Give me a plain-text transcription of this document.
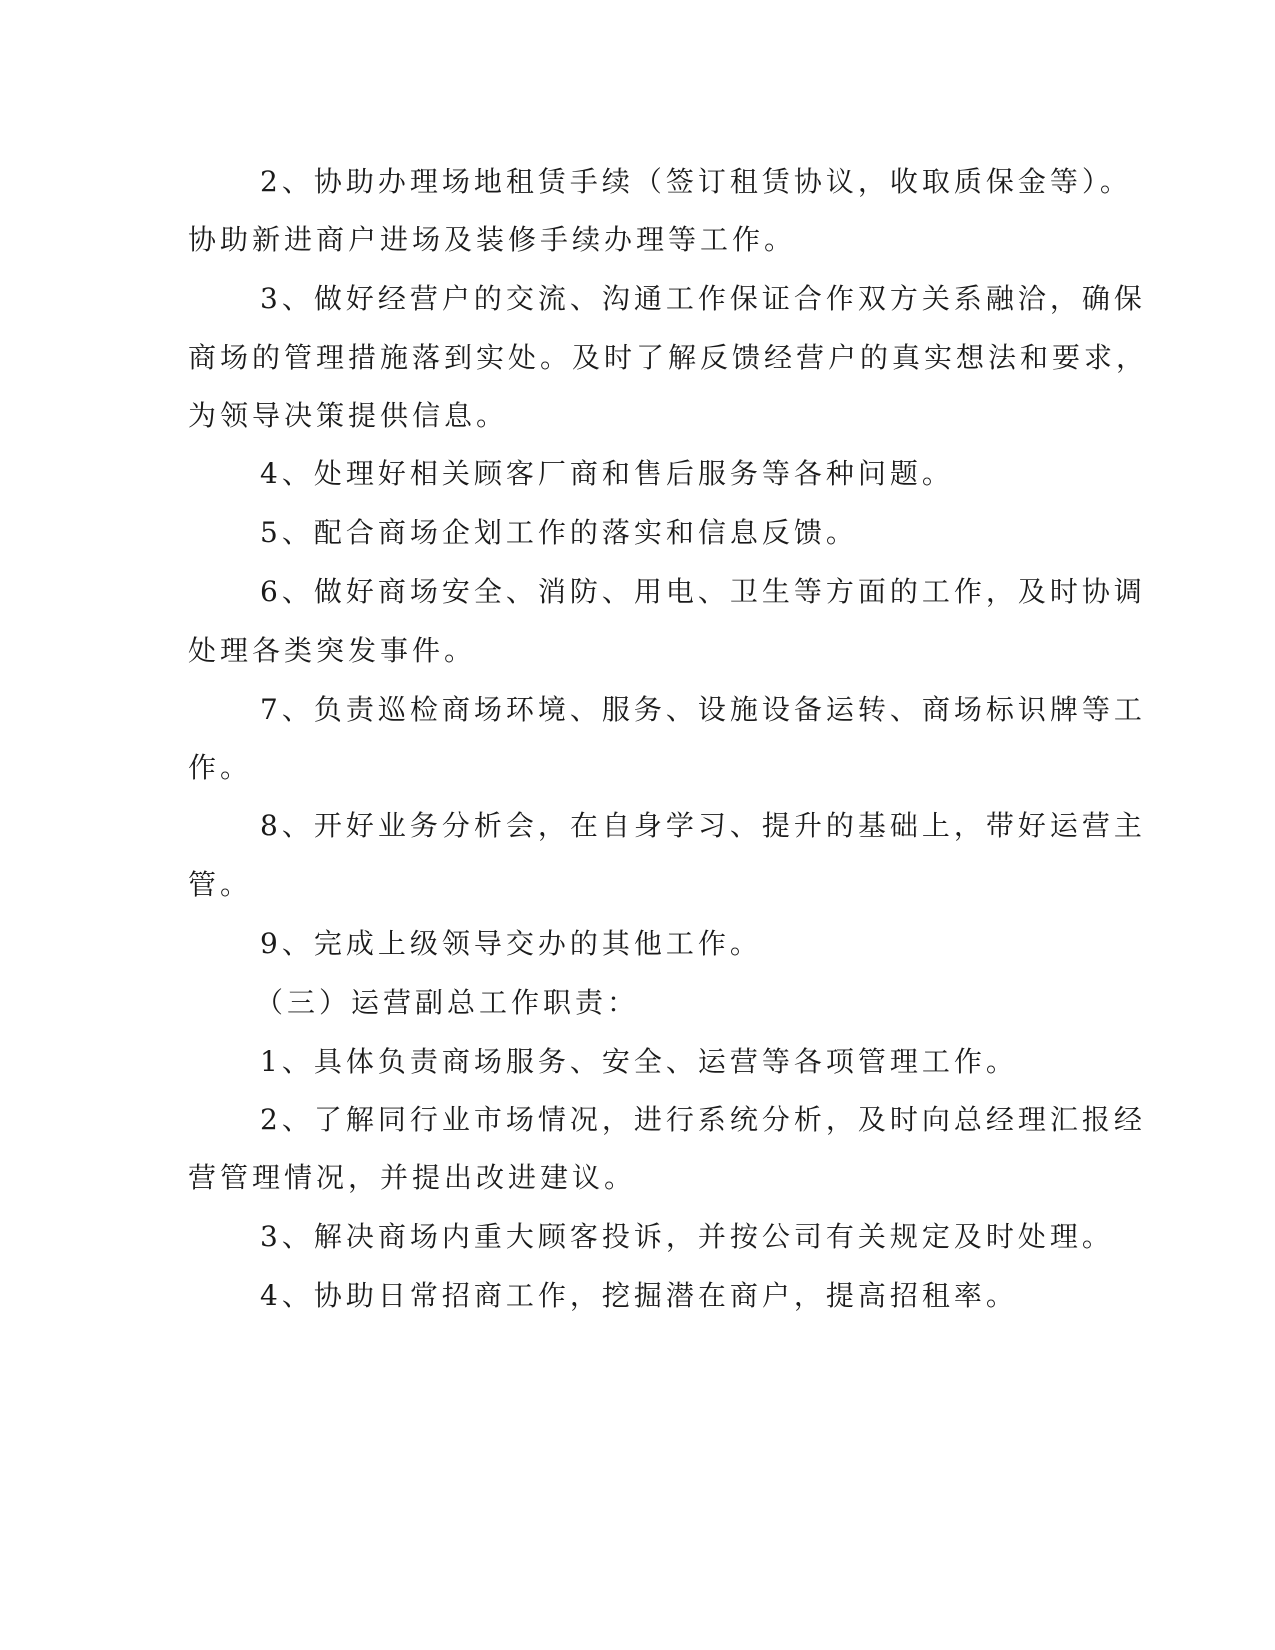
2、协助办理场地租赁手续（签订租赁协议，收取质保金等）。
协助新进商户进场及装修手续办理等工作。
3、做好经营户的交流、沟通工作保证合作双方关系融洽，确保
商场的管理措施落到实处。及时了解反馈经营户的真实想法和要求，
为领导决策提供信息。
4、处理好相关顾客厂商和售后服务等各种问题。
5、配合商场企划工作的落实和信息反馈。
6、做好商场安全、消防、用电、卫生等方面的工作，及时协调
处理各类突发事件。
7、负责巡检商场环境、服务、设施设备运转、商场标识牌等工
作。
8、开好业务分析会，在自身学习、提升的基础上，带好运营主
管。
9、完成上级领导交办的其他工作。
（三）运营副总工作职责：
1、具体负责商场服务、安全、运营等各项管理工作。
2、了解同行业市场情况，进行系统分析，及时向总经理汇报经
营管理情况，并提出改进建议。
3、解决商场内重大顾客投诉，并按公司有关规定及时处理。
4、协助日常招商工作，挖掘潜在商户，提高招租率。
